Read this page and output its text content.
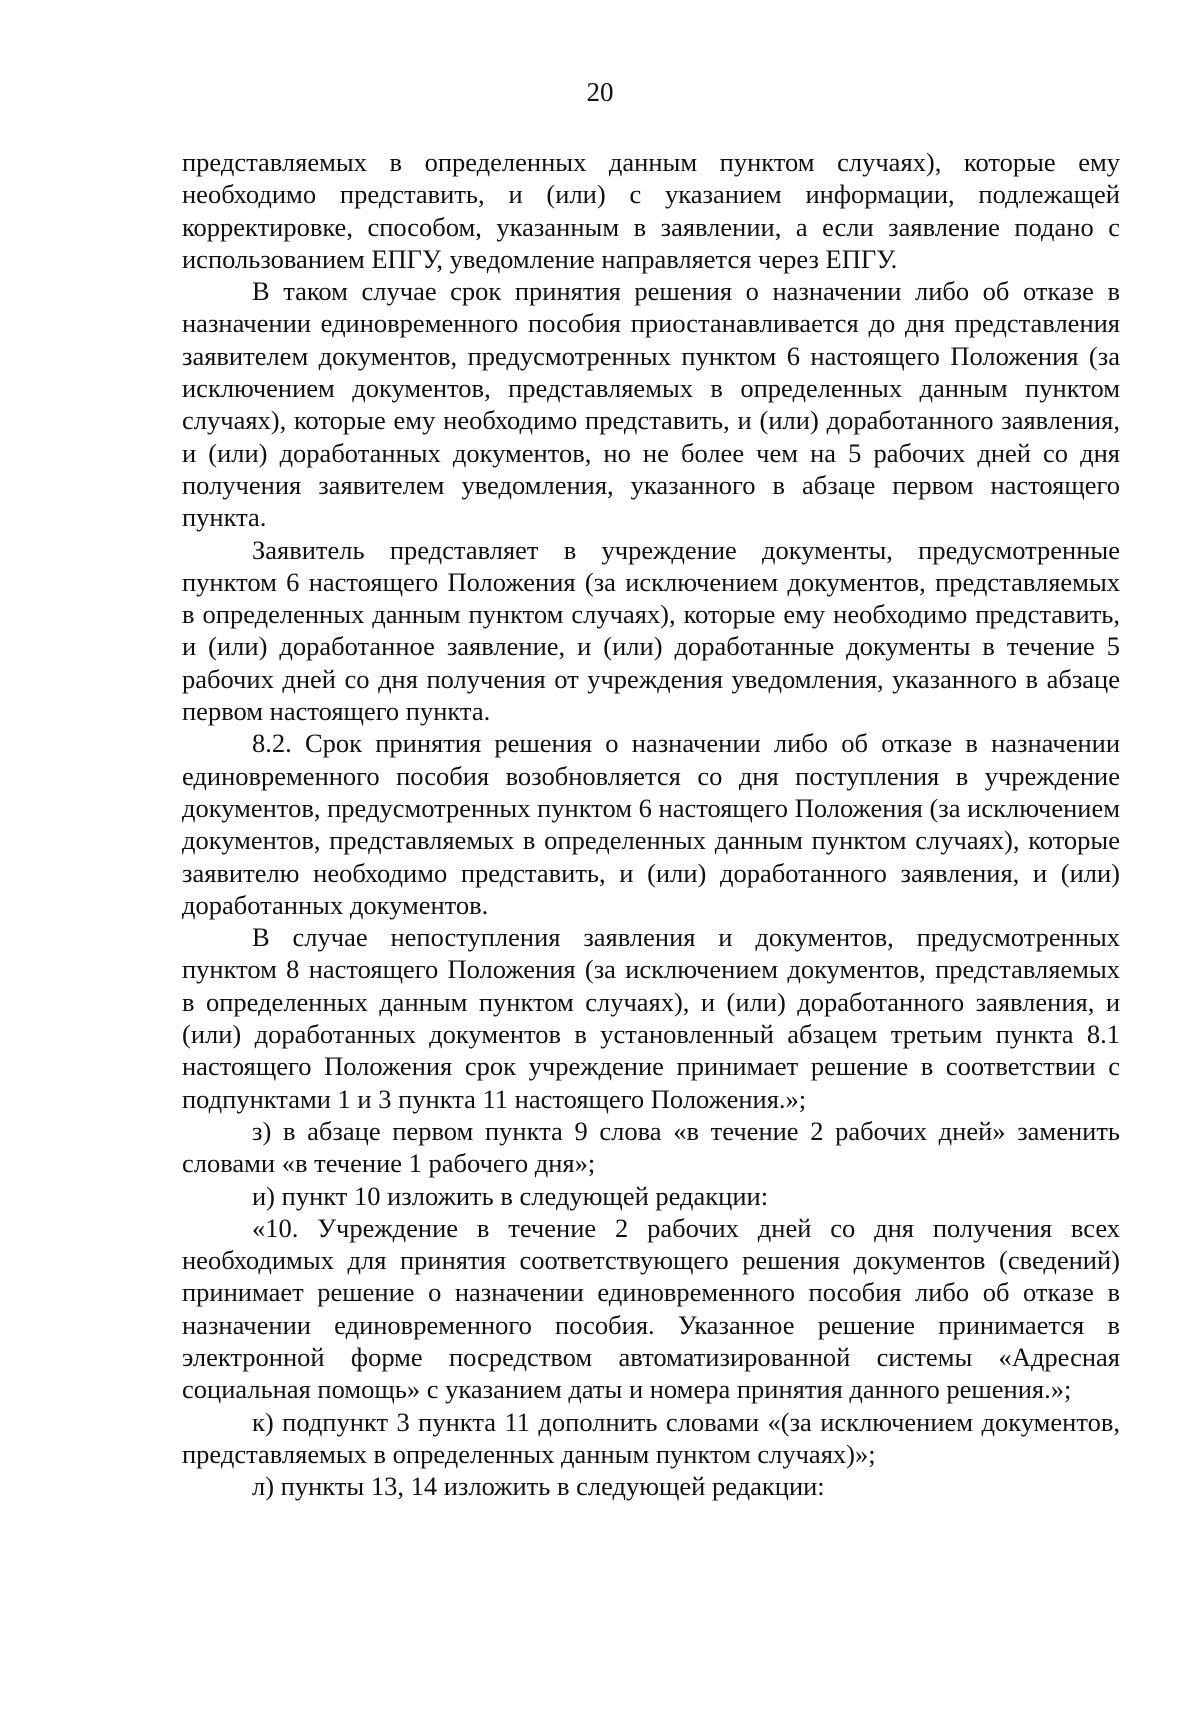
20

представляемых в определенных данным пунктом случаях), которые ему необходимо представить, и (или) с указанием информации, подлежащей корректировке, способом, указанным в заявлении, а если заявление подано с использованием ЕПГУ, уведомление направляется через ЕПГУ.

В таком случае срок принятия решения о назначении либо об отказе в назначении единовременного пособия приостанавливается до дня представления заявителем документов, предусмотренных пунктом 6 настоящего Положения (за исключением документов, представляемых в определенных данным пунктом случаях), которые ему необходимо представить, и (или) доработанного заявления, и (или) доработанных документов, но не более чем на 5 рабочих дней со дня получения заявителем уведомления, указанного в абзаце первом настоящего пункта.

Заявитель представляет в учреждение документы, предусмотренные пунктом 6 настоящего Положения (за исключением документов, представляемых в определенных данным пунктом случаях), которые ему необходимо представить, и (или) доработанное заявление, и (или) доработанные документы в течение 5 рабочих дней со дня получения от учреждения уведомления, указанного в абзаце первом настоящего пункта.

8.2. Срок принятия решения о назначении либо об отказе в назначении единовременного пособия возобновляется со дня поступления в учреждение документов, предусмотренных пунктом 6 настоящего Положения (за исключением документов, представляемых в определенных данным пунктом случаях), которые заявителю необходимо представить, и (или) доработанного заявления, и (или) доработанных документов.

В случае непоступления заявления и документов, предусмотренных пунктом 8 настоящего Положения (за исключением документов, представляемых в определенных данным пунктом случаях), и (или) доработанного заявления, и (или) доработанных документов в установленный абзацем третьим пункта 8.1 настоящего Положения срок учреждение принимает решение в соответствии с подпунктами 1 и 3 пункта 11 настоящего Положения.»;

з) в абзаце первом пункта 9 слова «в течение 2 рабочих дней» заменить словами «в течение 1 рабочего дня»;

и) пункт 10 изложить в следующей редакции:

«10. Учреждение в течение 2 рабочих дней со дня получения всех необходимых для принятия соответствующего решения документов (сведений) принимает решение о назначении единовременного пособия либо об отказе в назначении единовременного пособия. Указанное решение принимается в электронной форме посредством автоматизированной системы «Адресная социальная помощь» с указанием даты и номера принятия данного решения.»;

к) подпункт 3 пункта 11 дополнить словами «(за исключением документов, представляемых в определенных данным пунктом случаях)»;

л) пункты 13, 14 изложить в следующей редакции:
